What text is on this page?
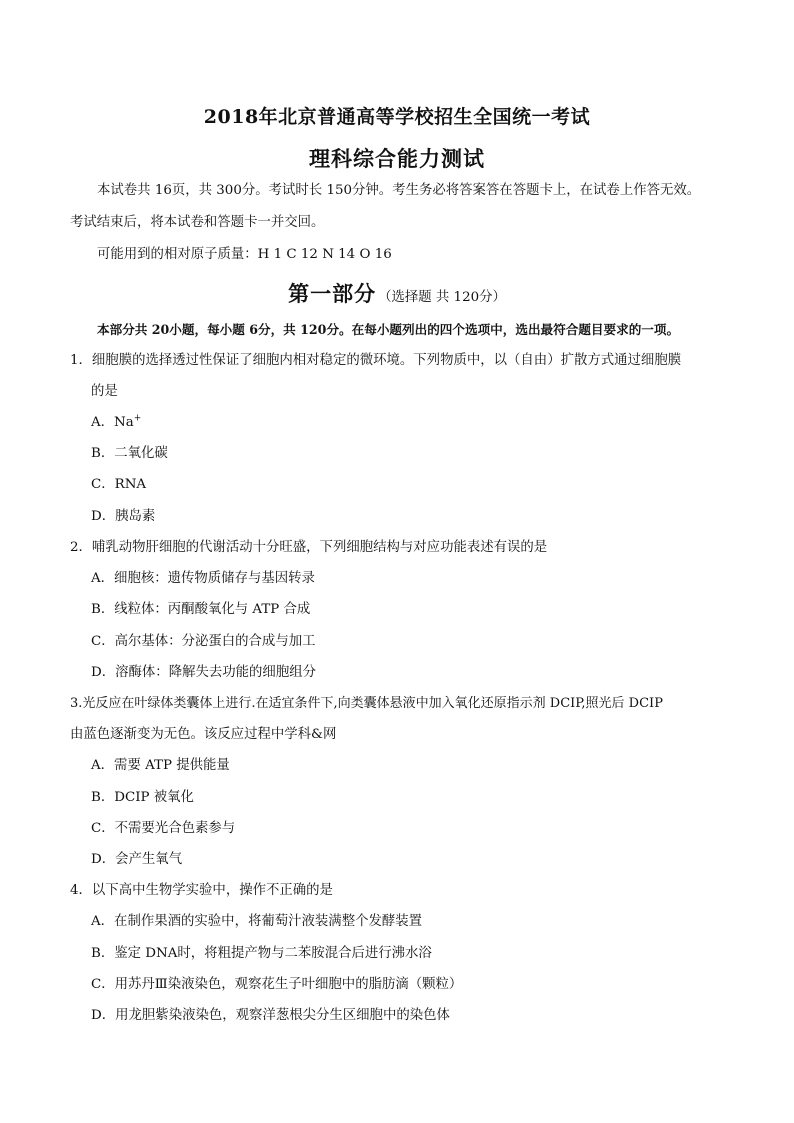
2018年北京普通高等学校招生全国统一考试
理科综合能力测试
本试卷共 16页，共 300分。考试时长 150分钟。考生务必将答案答在答题卡上，在试卷上作答无效。
考试结束后，将本试卷和答题卡一并交回。
可能用到的相对原子质量：H 1 C 12 N 14 O 16
第一部分 （选择题 共 120分）
本部分共 20小题，每小题 6分，共 120分。在每小题列出的四个选项中，选出最符合题目要求的一项。
1．细胞膜的选择透过性保证了细胞内相对稳定的微环境。下列物质中，以（自由）扩散方式通过细胞膜
的是
A．Na+
B．二氧化碳
C．RNA
D．胰岛素
2．哺乳动物肝细胞的代谢活动十分旺盛，下列细胞结构与对应功能表述有误的是
A．细胞核：遗传物质储存与基因转录
B．线粒体：丙酮酸氧化与 ATP 合成
C．高尔基体：分泌蛋白的合成与加工
D．溶酶体：降解失去功能的细胞组分
3.光反应在叶绿体类囊体上进行.在适宜条件下,向类囊体悬液中加入氧化还原指示剂 DCIP,照光后 DCIP
由蓝色逐渐变为无色。该反应过程中学科&网
A．需要 ATP 提供能量
B．DCIP 被氧化
C．不需要光合色素参与
D．会产生氧气
4．以下高中生物学实验中，操作不正确的是
A．在制作果酒的实验中，将葡萄汁液装满整个发酵装置
B．鉴定 DNA时，将粗提产物与二苯胺混合后进行沸水浴
C．用苏丹Ⅲ染液染色，观察花生子叶细胞中的脂肪滴（颗粒）
D．用龙胆紫染液染色，观察洋葱根尖分生区细胞中的染色体
